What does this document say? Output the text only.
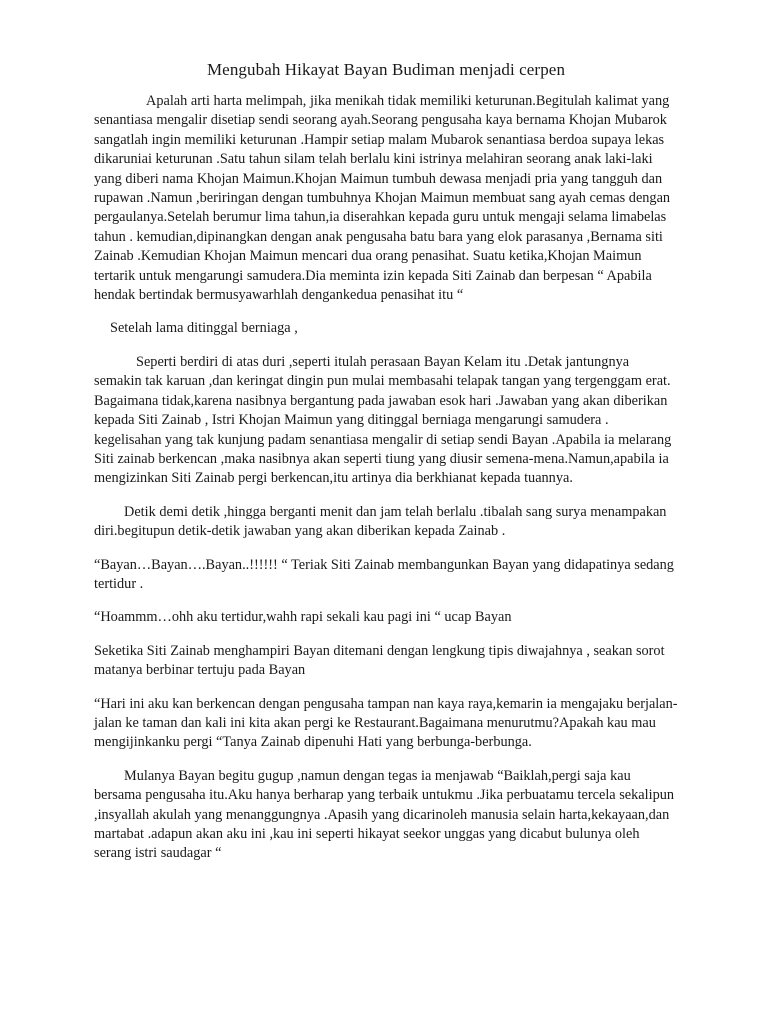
Mengubah Hikayat Bayan Budiman menjadi cerpen

Apalah arti harta melimpah, jika menikah tidak memiliki keturunan.Begitulah kalimat yang senantiasa mengalir disetiap sendi seorang ayah.Seorang pengusaha kaya bernama Khojan Mubarok sangatlah ingin memiliki keturunan .Hampir setiap malam Mubarok senantiasa berdoa supaya lekas dikaruniai keturunan .Satu tahun silam telah berlalu kini istrinya melahiran seorang anak laki-laki yang diberi nama Khojan Maimun.Khojan Maimun tumbuh dewasa menjadi pria yang tangguh dan rupawan .Namun ,beriringan dengan tumbuhnya Khojan Maimun membuat sang ayah cemas dengan pergaulanya.Setelah berumur lima tahun,ia diserahkan kepada guru untuk mengaji selama limabelas tahun . kemudian,dipinangkan dengan anak pengusaha batu bara yang elok parasanya ,Bernama siti Zainab .Kemudian Khojan Maimun mencari dua orang penasihat. Suatu ketika,Khojan Maimun tertarik untuk mengarungi samudera.Dia meminta izin kepada Siti Zainab dan berpesan “ Apabila hendak bertindak bermusyawarhlah dengankedua penasihat itu “

Setelah lama ditinggal berniaga ,

Seperti berdiri di atas duri ,seperti itulah perasaan Bayan Kelam itu .Detak jantungnya semakin tak karuan ,dan keringat dingin pun mulai membasahi telapak tangan yang tergenggam erat. Bagaimana tidak,karena nasibnya bergantung pada jawaban esok hari .Jawaban yang akan diberikan kepada Siti Zainab , Istri Khojan Maimun yang ditinggal berniaga mengarungi samudera . kegelisahan yang tak kunjung padam senantiasa mengalir di setiap sendi Bayan .Apabila ia melarang Siti zainab berkencan ,maka nasibnya akan seperti tiung yang diusir semena-mena.Namun,apabila ia mengizinkan Siti Zainab pergi berkencan,itu artinya dia berkhianat kepada tuannya.

Detik demi detik ,hingga berganti menit dan jam telah berlalu .tibalah sang surya menampakan diri.begitupun detik-detik jawaban yang akan diberikan kepada Zainab .

“Bayan…Bayan….Bayan..!!!!!! “ Teriak Siti Zainab membangunkan Bayan yang didapatinya sedang tertidur .

“Hoammm…ohh aku tertidur,wahh rapi sekali kau pagi ini “ ucap Bayan

Seketika Siti Zainab menghampiri Bayan ditemani dengan lengkung tipis diwajahnya , seakan sorot matanya berbinar tertuju pada Bayan

“Hari ini aku kan berkencan dengan pengusaha tampan nan kaya raya,kemarin ia mengajaku berjalan-jalan ke taman dan kali ini kita akan pergi ke Restaurant.Bagaimana menurutmu?Apakah kau mau mengijinkanku pergi “Tanya Zainab dipenuhi Hati yang berbunga-berbunga.

Mulanya Bayan begitu gugup ,namun dengan tegas ia menjawab “Baiklah,pergi saja kau bersama pengusaha itu.Aku hanya berharap yang terbaik untukmu .Jika perbuatamu tercela sekalipun ,insyallah akulah yang menanggungnya .Apasih yang dicarinoleh manusia selain harta,kekayaan,dan martabat .adapun akan aku ini ,kau ini seperti hikayat seekor unggas yang dicabut bulunya oleh serang istri saudagar “
